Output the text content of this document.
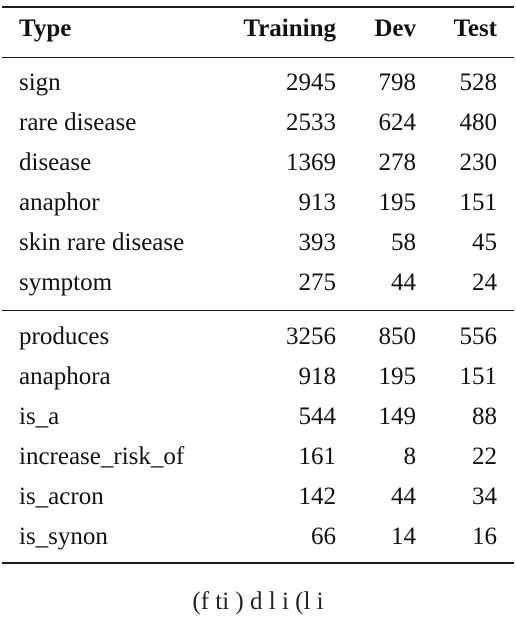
Type	Training Dev Test
sign	2945 798 528
rare disease	2533 624 480
disease	1369 278 230
anaphor	913 195 151
skin rare disease	393 58 45
symptom	275 44 24
produces	3256 850 556
anaphora	918 195 151
is_a	544 149 88
increase_risk_of	161	8 22
is_acron	142 44 34
is_synon	66 14 16
(f ti ) d l i (l i
